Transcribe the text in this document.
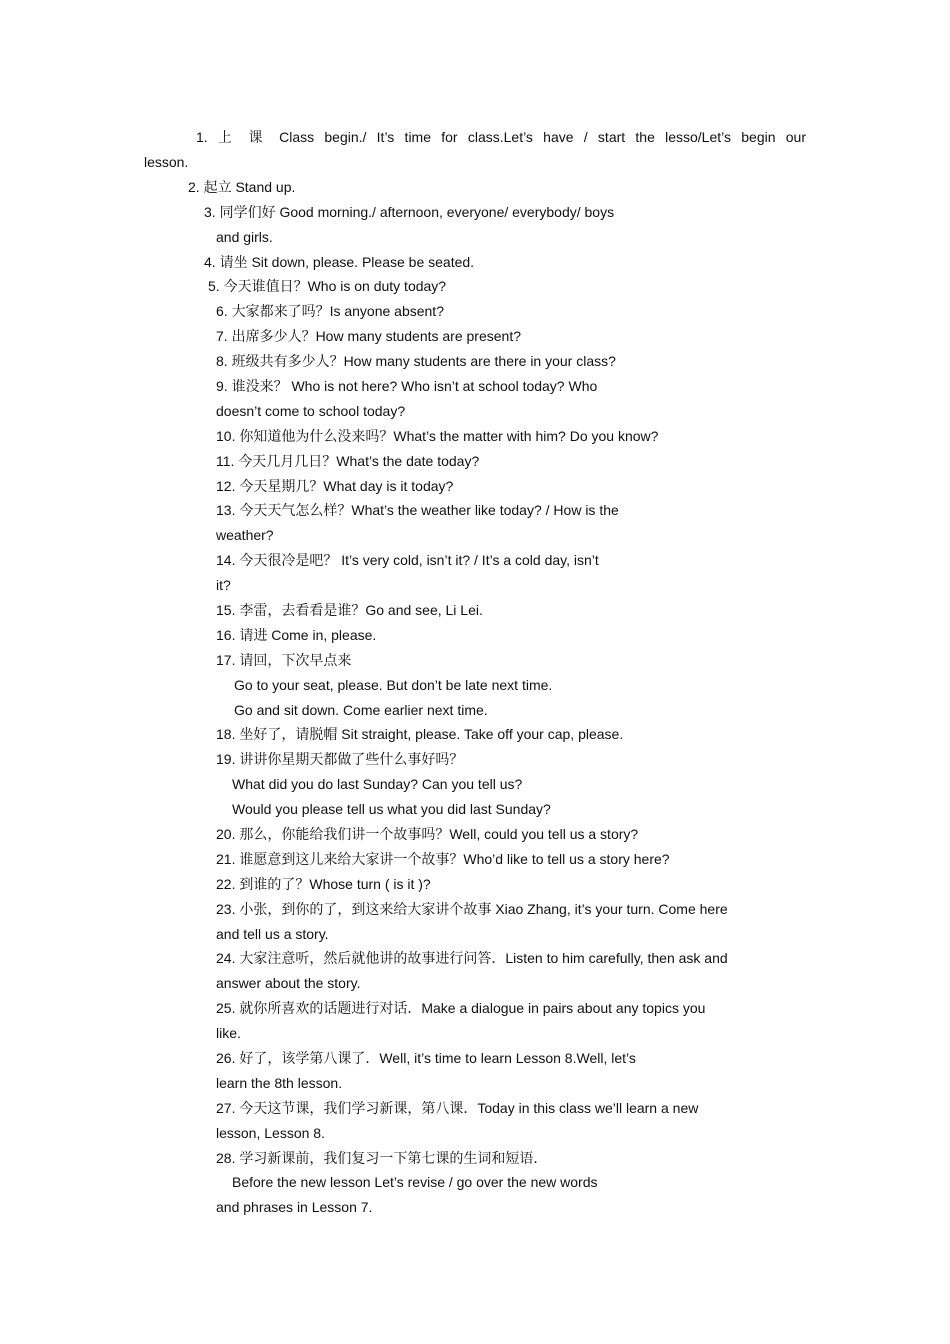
1. 上 课 Class begin./ It’s time for class.Let’s have / start the lesso/Let’s begin our
lesson.
2. 起立 Stand up.
3. 同学们好 Good morning./ afternoon, everyone/ everybody/ boys
and girls.
4. 请坐 Sit down, please. Please be seated.
5. 今天谁值日？Who is on duty today?
6. 大家都来了吗？Is anyone absent?
7. 出席多少人？How many students are present?
8. 班级共有多少人？How many students are there in your class?
9. 谁没来？ Who is not here? Who isn’t at school today? Who
doesn’t come to school today?
10. 你知道他为什么没来吗？What’s the matter with him? Do you know?
11. 今天几月几日？What’s the date today?
12. 今天星期几？What day is it today?
13. 今天天气怎么样？What’s the weather like today? / How is the
weather?
14. 今天很冷是吧？ It’s very cold, isn’t it? / It’s a cold day, isn’t
it?
15. 李雷，去看看是谁？Go and see, Li Lei.
16. 请进 Come in, please.
17. 请回，下次早点来
Go to your seat, please. But don’t be late next time.
Go and sit down. Come earlier next time.
18. 坐好了，请脱帽 Sit straight, please. Take off your cap, please.
19. 讲讲你星期天都做了些什么事好吗？
What did you do last Sunday? Can you tell us?
Would you please tell us what you did last Sunday?
20. 那么，你能给我们讲一个故事吗？Well, could you tell us a story?
21. 谁愿意到这儿来给大家讲一个故事？Who’d like to tell us a story here?
22. 到谁的了？Whose turn ( is it )?
23. 小张，到你的了，到这来给大家讲个故事 Xiao Zhang, it’s your turn. Come here
and tell us a story.
24. 大家注意听，然后就他讲的故事进行问答．Listen to him carefully, then ask and
answer about the story.
25. 就你所喜欢的话题进行对话．Make a dialogue in pairs about any topics you
like.
26. 好了，该学第八课了．Well, it’s time to learn Lesson 8.Well, let’s
learn the 8th lesson.
27. 今天这节课，我们学习新课，第八课．Today in this class we’ll learn a new
lesson, Lesson 8.
28. 学习新课前，我们复习一下第七课的生词和短语．
Before the new lesson Let’s revise / go over the new words
and phrases in Lesson 7.
